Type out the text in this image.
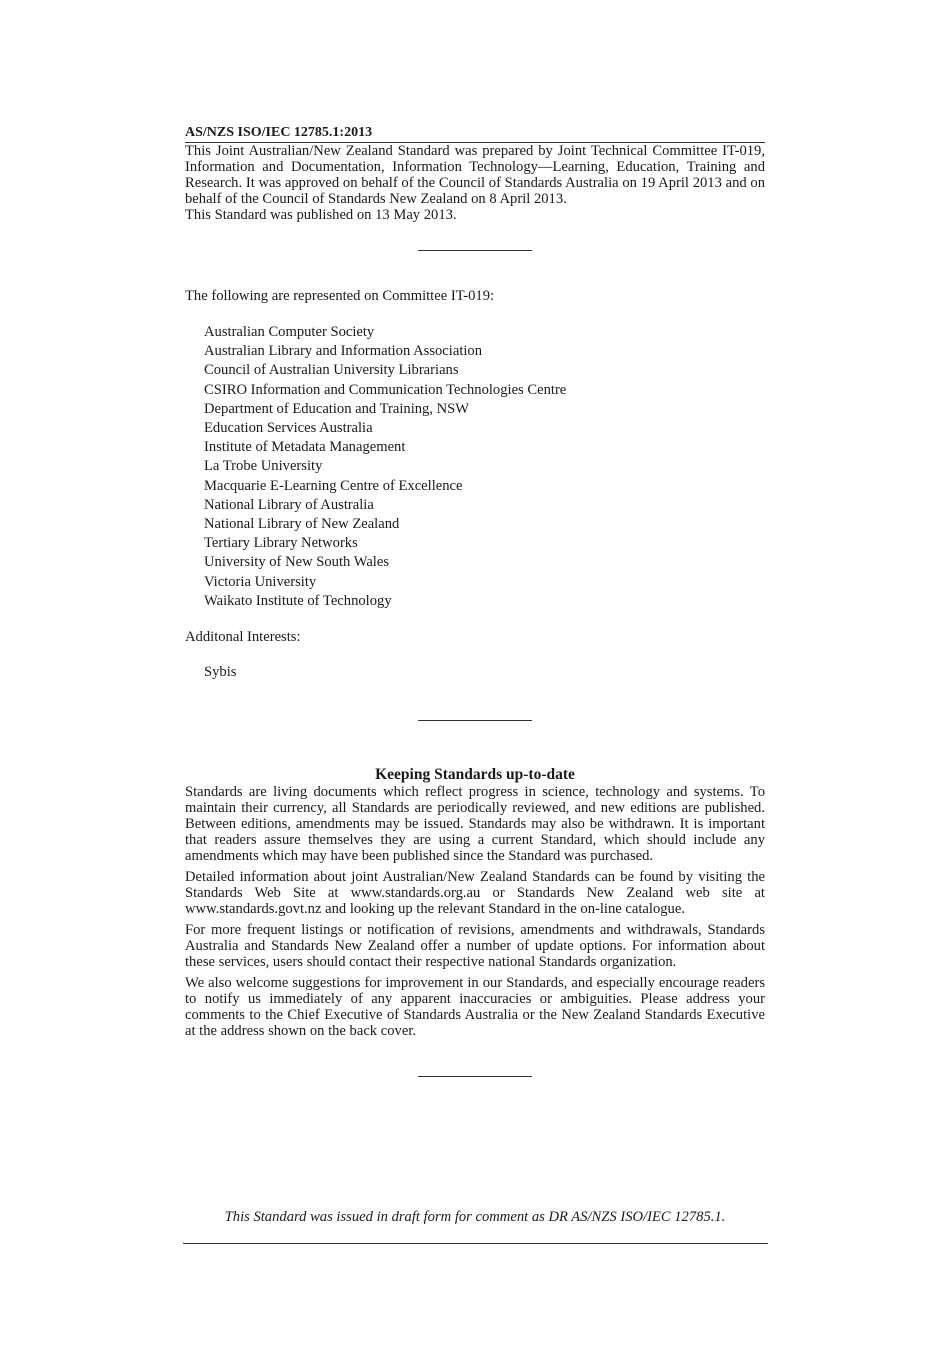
AS/NZS ISO/IEC 12785.1:2013

This Joint Australian/New Zealand Standard was prepared by Joint Technical Committee IT-019, Information and Documentation, Information Technology—Learning, Education, Training and Research. It was approved on behalf of the Council of Standards Australia on 19 April 2013 and on behalf of the Council of Standards New Zealand on 8 April 2013.

This Standard was published on 13 May 2013.

The following are represented on Committee IT-019:

Australian Computer Society
Australian Library and Information Association
Council of Australian University Librarians
CSIRO Information and Communication Technologies Centre
Department of Education and Training, NSW
Education Services Australia
Institute of Metadata Management
La Trobe University
Macquarie E-Learning Centre of Excellence
National Library of Australia
National Library of New Zealand
Tertiary Library Networks
University of New South Wales
Victoria University
Waikato Institute of Technology

Additonal Interests:

Sybis
Keeping Standards up-to-date

Standards are living documents which reflect progress in science, technology and systems. To maintain their currency, all Standards are periodically reviewed, and new editions are published. Between editions, amendments may be issued. Standards may also be withdrawn. It is important that readers assure themselves they are using a current Standard, which should include any amendments which may have been published since the Standard was purchased.

Detailed information about joint Australian/New Zealand Standards can be found by visiting the Standards Web Site at www.standards.org.au or Standards New Zealand web site at www.standards.govt.nz and looking up the relevant Standard in the on-line catalogue.

For more frequent listings or notification of revisions, amendments and withdrawals, Standards Australia and Standards New Zealand offer a number of update options. For information about these services, users should contact their respective national Standards organization.

We also welcome suggestions for improvement in our Standards, and especially encourage readers to notify us immediately of any apparent inaccuracies or ambiguities. Please address your comments to the Chief Executive of Standards Australia or the New Zealand Standards Executive at the address shown on the back cover.

This Standard was issued in draft form for comment as DR AS/NZS ISO/IEC 12785.1.
